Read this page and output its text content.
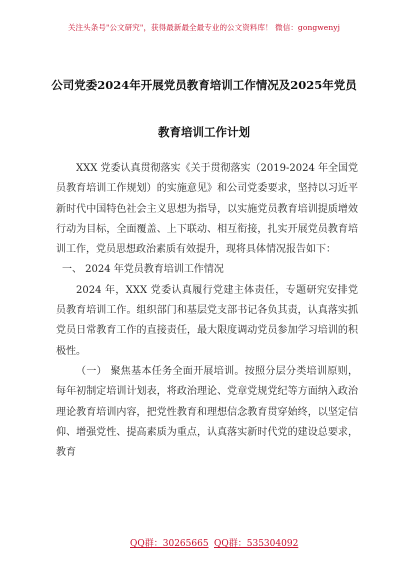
关注头条号"公文研究"，获得最新最全最专业的公文资料库！ 微信：gongwenyj
公司党委2024年开展党员教育培训工作情况及2025年党员
教育培训工作计划

XXX 党委认真贯彻落实《关于贯彻落实（2019-2024 年全国党员教育培训工作规划）的实施意见》和公司党委要求，坚持以习近平新时代中国特色社会主义思想为指导，以实施党员教育培训提质增效行动为目标，全面覆盖、上下联动、相互衔接，扎实开展党员教育培训工作，党员思想政治素质有效提升，现将具体情况报告如下：

一、 2024 年党员教育培训工作情况

2024 年，XXX 党委认真履行党建主体责任，专题研究安排党员教育培训工作。组织部门和基层党支部书记各负其责，认真落实抓党员日常教育工作的直接责任，最大限度调动党员参加学习培训的积极性。

（一） 聚焦基本任务全面开展培训。按照分层分类培训原则，每年初制定培训计划表，将政治理论、党章党规党纪等方面纳入政治理论教育培训内容，把党性教育和理想信念教育贯穿始终，以坚定信仰、增强党性、提高素质为重点，认真落实新时代党的建设总要求，教育

QQ群：30265665 QQ群：535304092
